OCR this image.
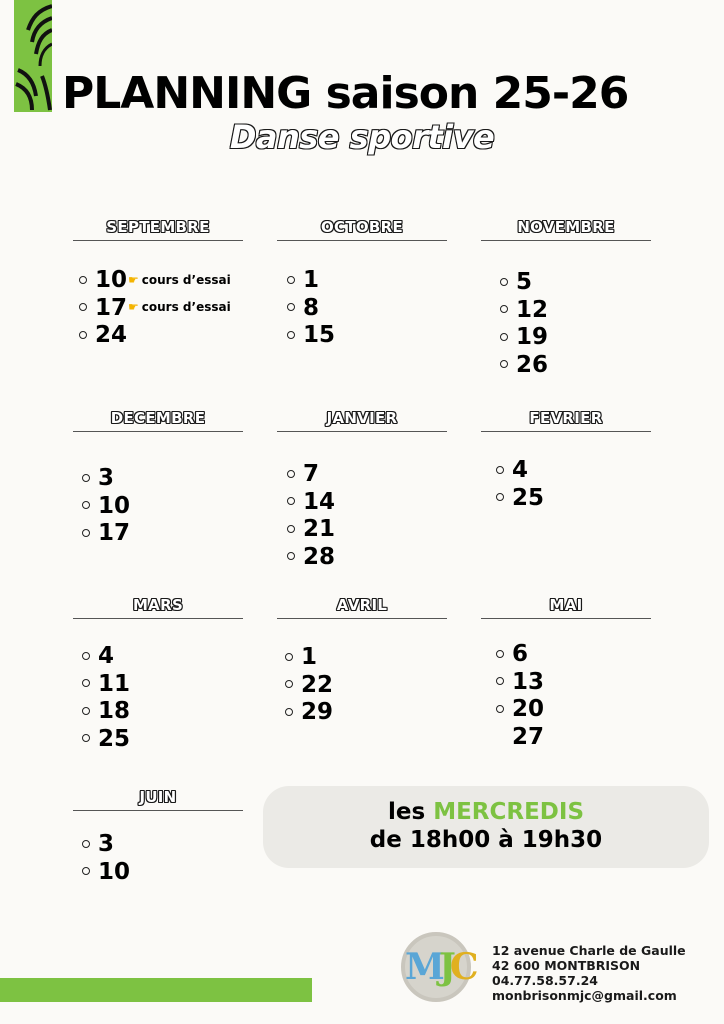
PLANNING saison 25-26
Danse sportive
SEPTEMBRE
10☛ cours d’essai
17☛ cours d’essai
24
OCTOBRE
1
8
15
NOVEMBRE
5
12
19
26
DECEMBRE
3
10
17
JANVIER
7
14
21
28
FEVRIER
4
25
MARS
4
11
18
25
AVRIL
1
22
29
MAI
6
13
20
27
JUIN
3
10
les MERCREDIS
de 18h00 à 19h30
MJC 12 avenue Charle de Gaulle
42 600 MONTBRISON
04.77.58.57.24
monbrisonmjc@gmail.com
